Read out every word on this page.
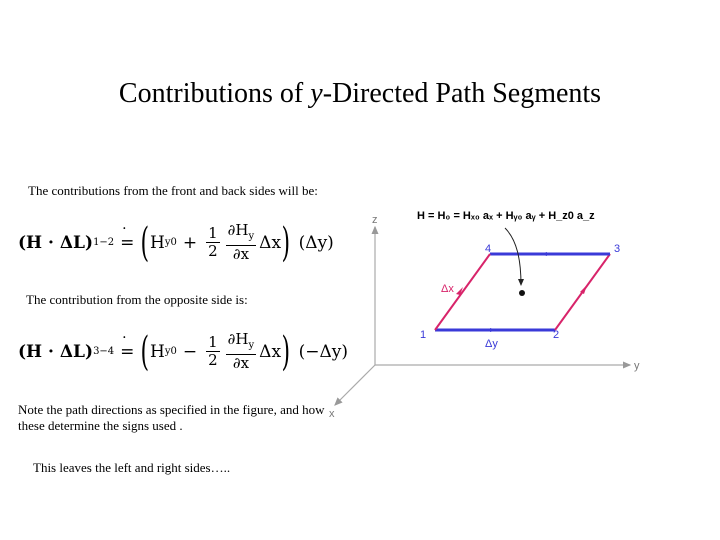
Contributions of y-Directed Path Segments
The contributions from the front and back sides will be:
(H · ΔL) 1−2 · = ( H $y0 + \frac{1}{2} \frac{\partial H_y}{\partial x}$ Δx ) (Δy)
The contribution from the opposite side is:
(H · ΔL) 3−4 · = ( H $y0 - \frac{1}{2} \frac{\partial H_y}{\partial x}$ Δx ) (−Δy)
Note the path directions as specified in the figure, and how these determine the signs used .
This leaves the left and right sides…..
H = H₀ = Hₓ₀ aₓ + Hᵧ₀ aᵧ + H_z0 a_z
z
y
x
1	2
3
4
Δx
Δy
